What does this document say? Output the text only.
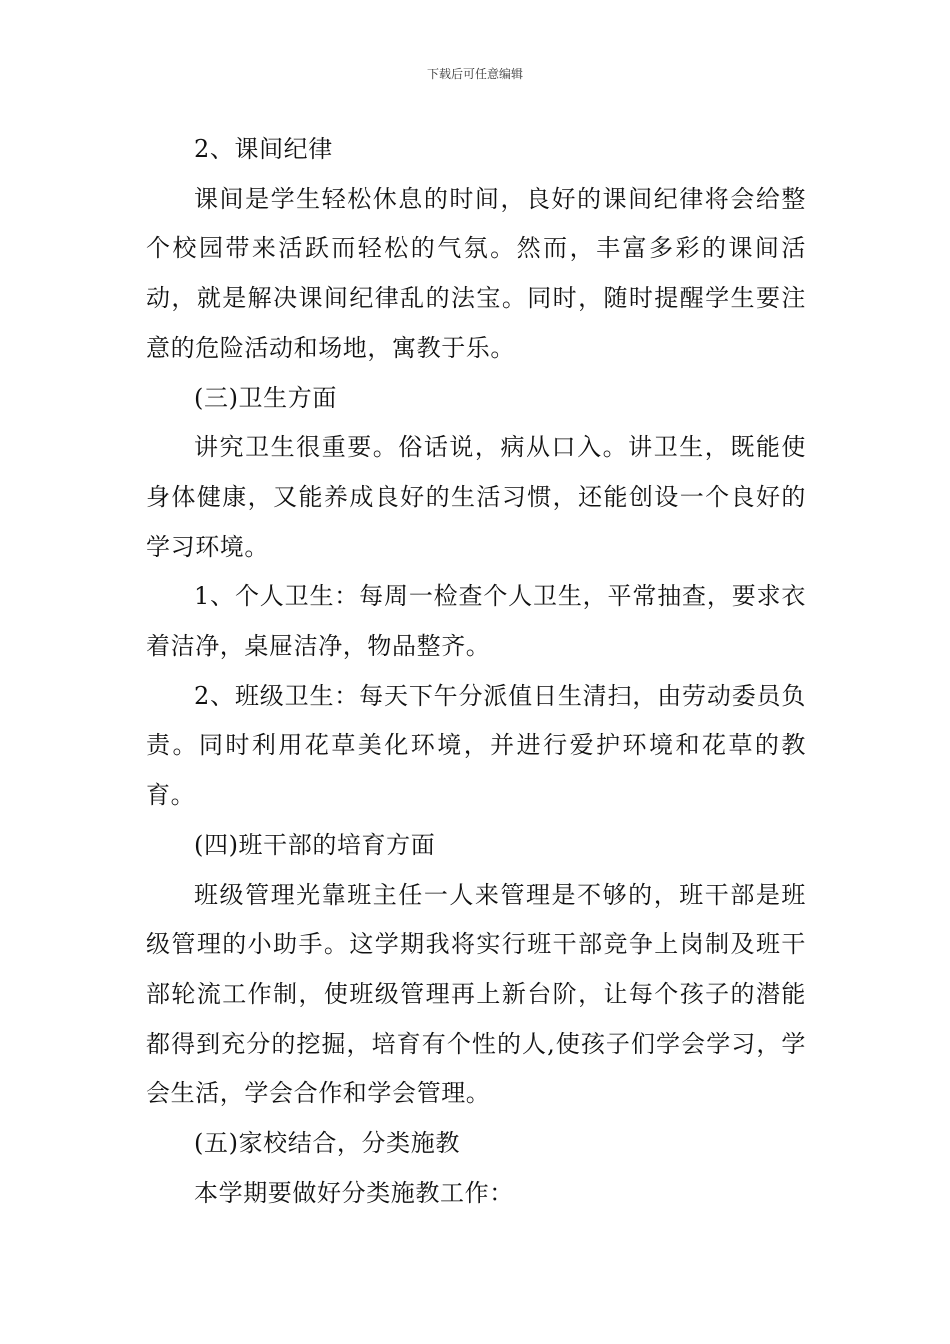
下载后可任意编辑

2、课间纪律

课间是学生轻松休息的时间，良好的课间纪律将会给整个校园带来活跃而轻松的气氛。然而，丰富多彩的课间活动，就是解决课间纪律乱的法宝。同时，随时提醒学生要注意的危险活动和场地，寓教于乐。

(三)卫生方面

讲究卫生很重要。俗话说，病从口入。讲卫生，既能使身体健康，又能养成良好的生活习惯，还能创设一个良好的学习环境。

1、个人卫生：每周一检查个人卫生，平常抽查，要求衣着洁净，桌屉洁净，物品整齐。

2、班级卫生：每天下午分派值日生清扫，由劳动委员负责。同时利用花草美化环境，并进行爱护环境和花草的教育。

(四)班干部的培育方面

班级管理光靠班主任一人来管理是不够的，班干部是班级管理的小助手。这学期我将实行班干部竞争上岗制及班干部轮流工作制，使班级管理再上新台阶，让每个孩子的潜能都得到充分的挖掘，培育有个性的人,使孩子们学会学习，学会生活，学会合作和学会管理。

(五)家校结合，分类施教

本学期要做好分类施教工作：
